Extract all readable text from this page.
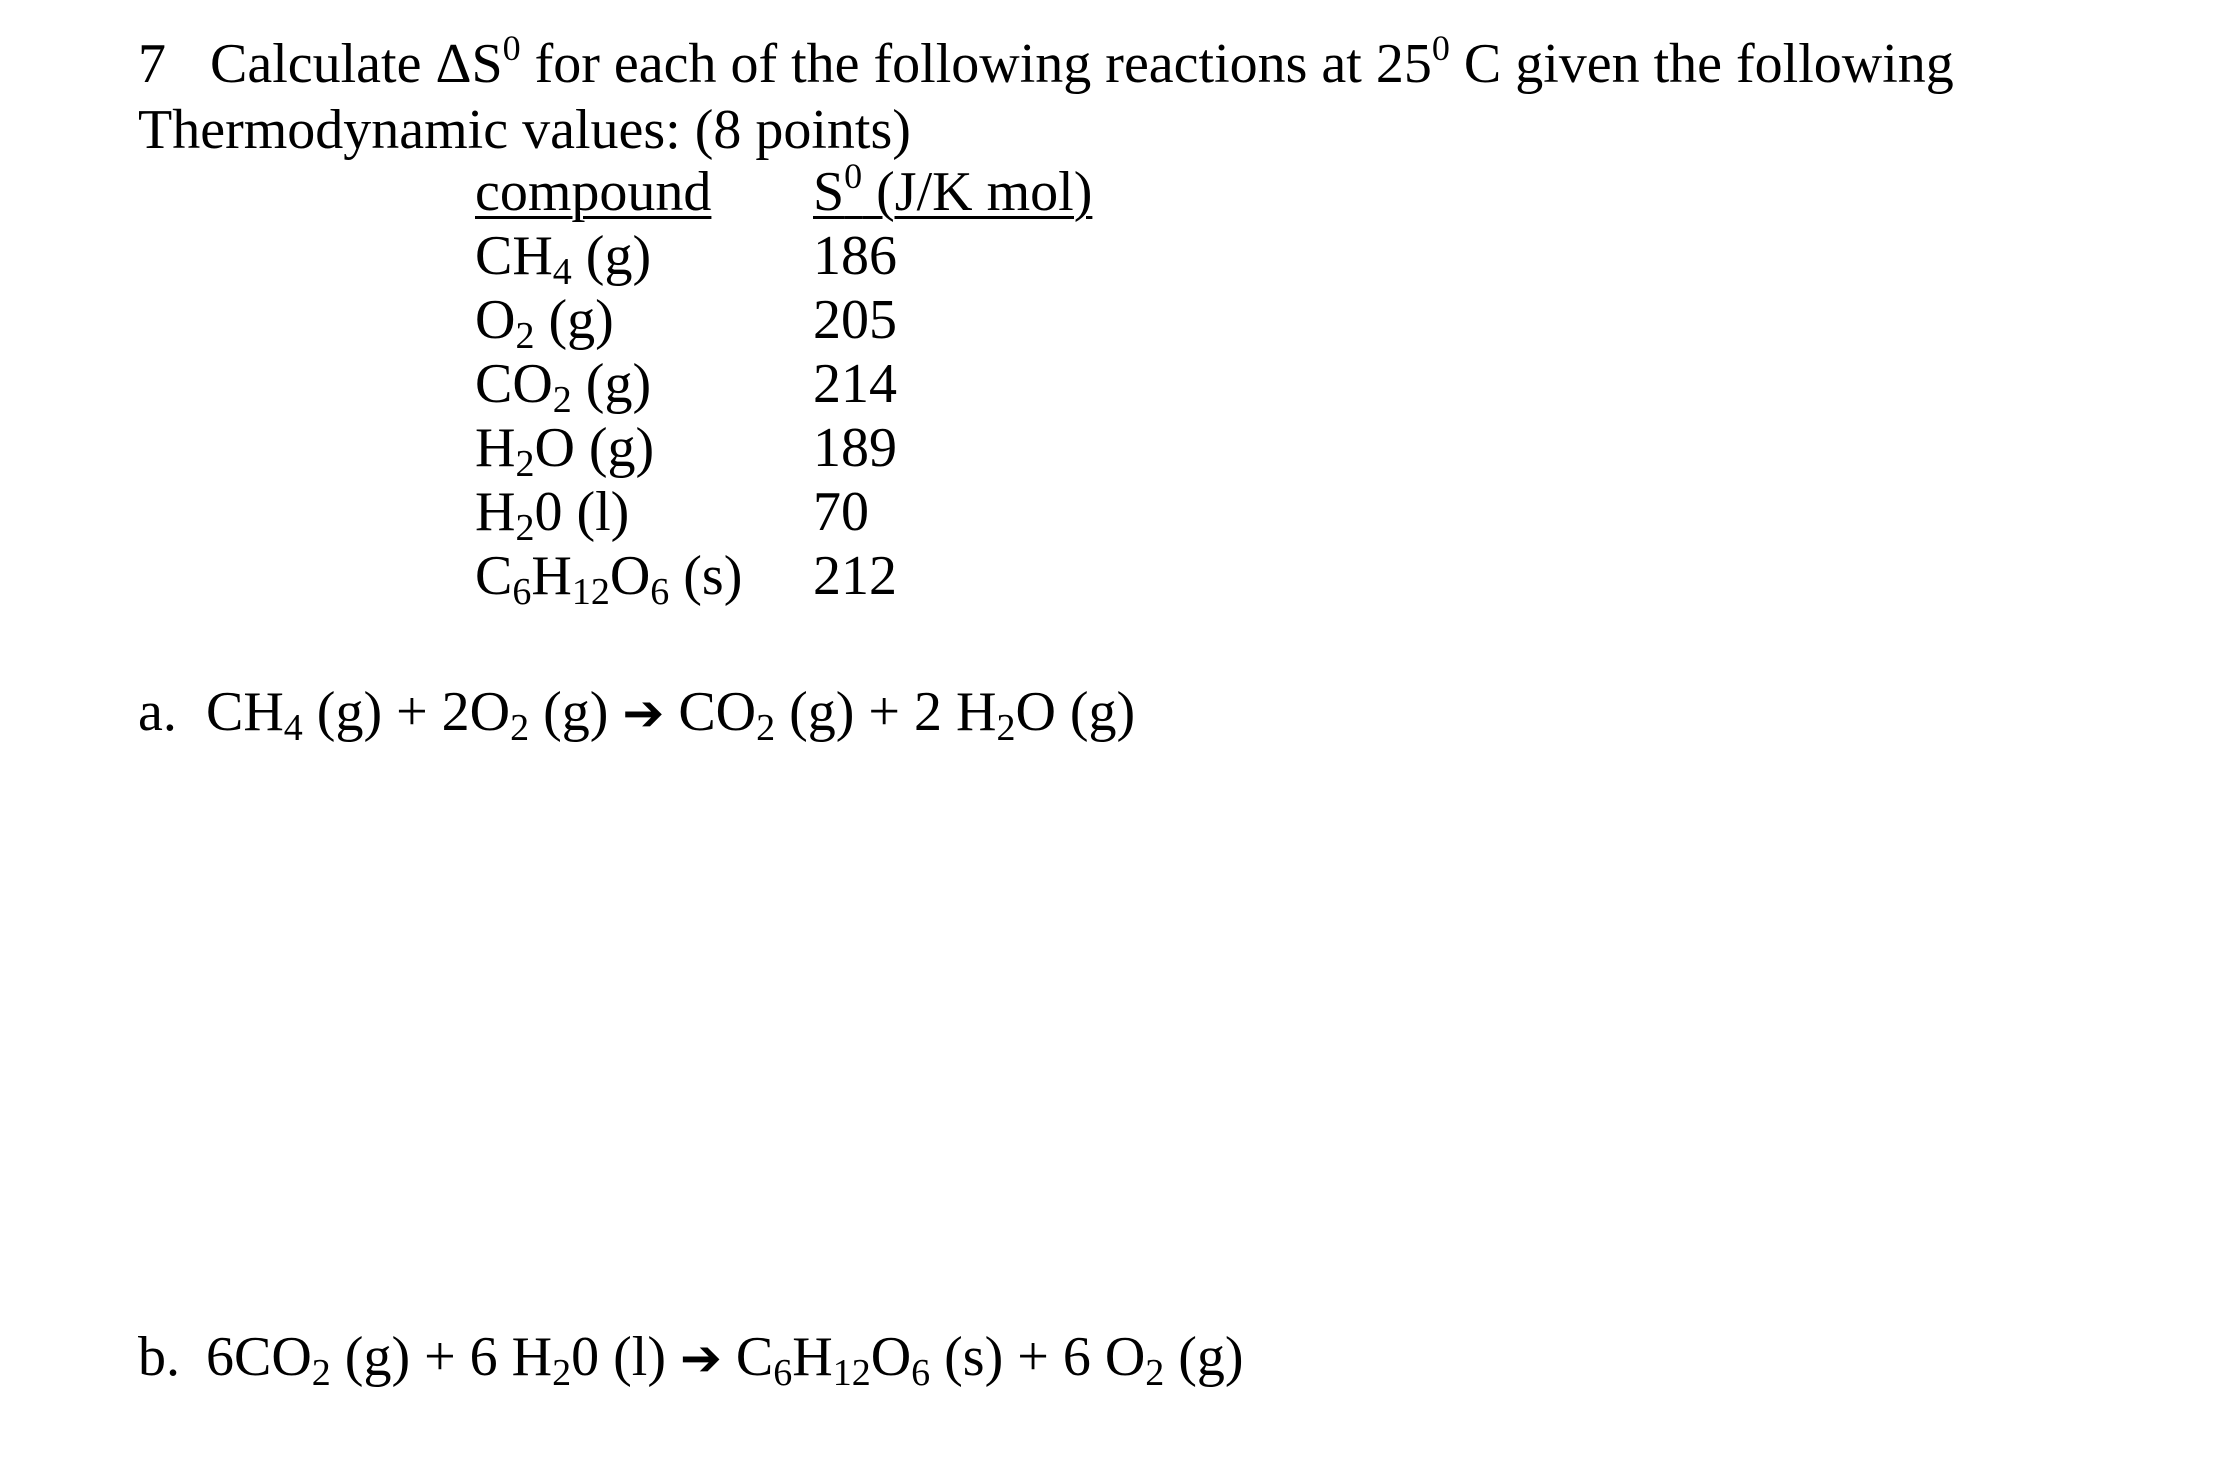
7 Calculate $\Delta S^0$ for each of the following reactions at $25^0$ C given the following
Thermodynamic values: (8 points)
compound $S^0$ (J/K mol)
CH4 (g)	186
O2 (g)	205
CO2 (g)	214
H2O (g)	189
H20 (l)	70
C6H12O6 (s) 212
a. CH4 (g) + 2O2 (g) ➔ CO2 (g) + 2 H2O (g)
b. 6CO2 (g) + 6 H20 (l) ➔ C6H12O6 (s) + 6 O2 (g)
